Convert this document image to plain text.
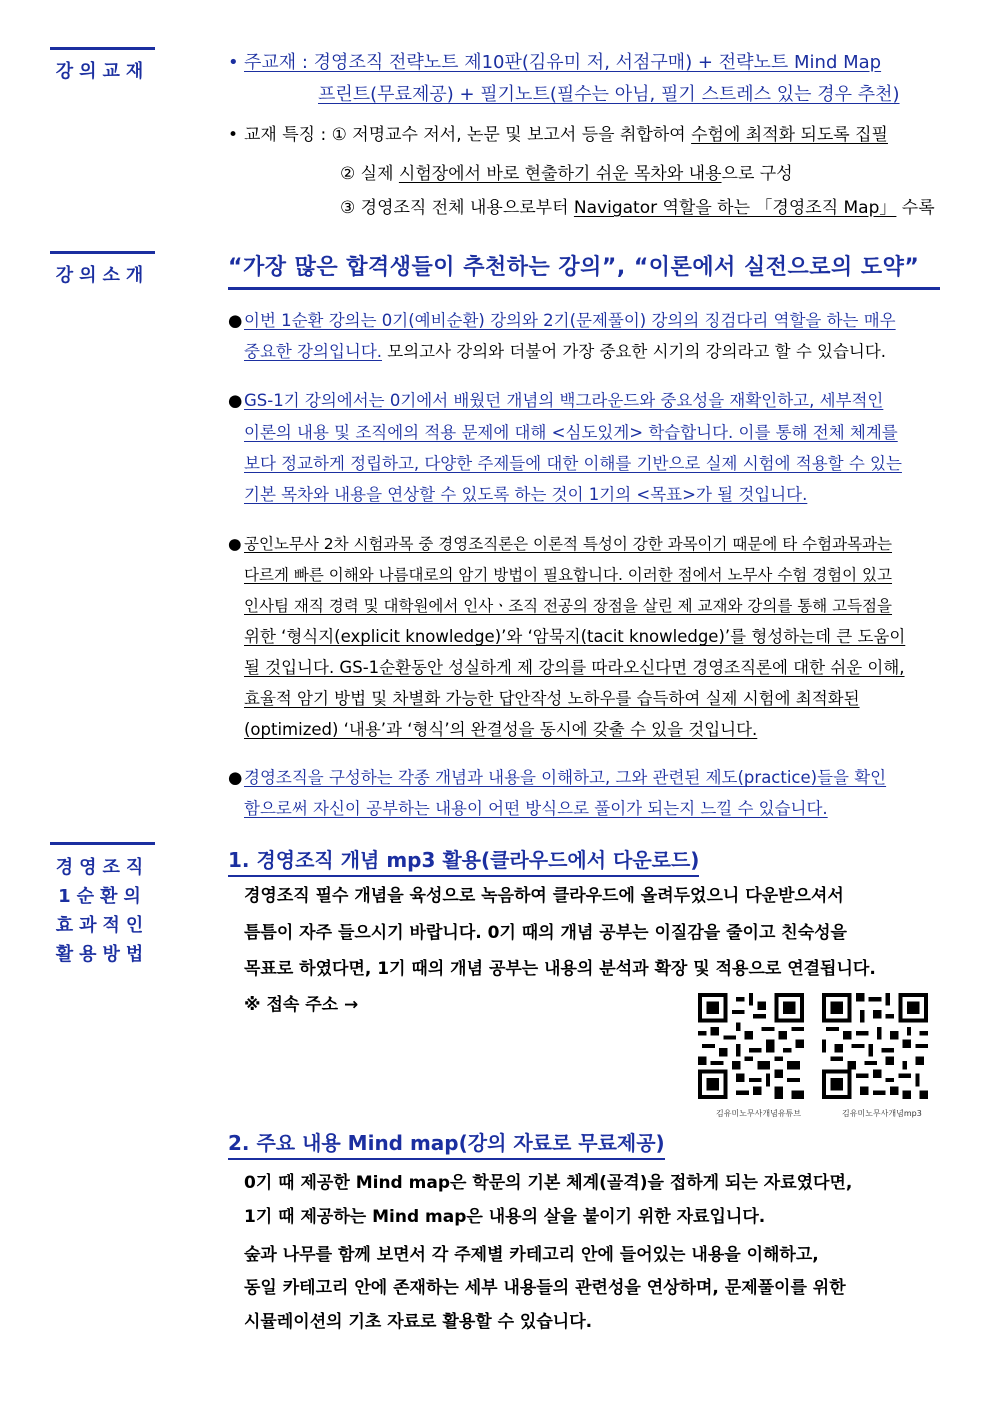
강의교재	• 주교재 : 경영조직 전략노트 제10판(김유미 저, 서점구매) + 전략노트 Mind Map
프린트(무료제공) + 필기노트(필수는 아님, 필기 스트레스 있는 경우 추천)
• 교재 특징 : ① 저명교수 저서, 논문 및 보고서 등을 취합하여 수험에 최적화 되도록 집필
② 실제 시험장에서 바로 현출하기 쉬운 목차와 내용으로 구성
③ 경영조직 전체 내용으로부터 Navigator 역할을 하는 「경영조직 Map」 수록
강의소개	“가장 많은 합격생들이 추천하는 강의”, “이론에서 실전으로의 도약”
●이번 1순환 강의는 0기(예비순환) 강의와 2기(문제풀이) 강의의 징검다리 역할을 하는 매우
중요한 강의입니다. 모의고사 강의와 더불어 가장 중요한 시기의 강의라고 할 수 있습니다.
●GS-1기 강의에서는 0기에서 배웠던 개념의 백그라운드와 중요성을 재확인하고, 세부적인
이론의 내용 및 조직에의 적용 문제에 대해 <심도있게> 학습합니다. 이를 통해 전체 체계를
보다 정교하게 정립하고, 다양한 주제들에 대한 이해를 기반으로 실제 시험에 적용할 수 있는
기본 목차와 내용을 연상할 수 있도록 하는 것이 1기의 <목표>가 될 것입니다.
● 공인노무사 2차 시험과목 중 경영조직론은 이론적 특성이 강한 과목이기 때문에 타 수험과목과는
다르게 빠른 이해와 나름대로의 암기 방법이 필요합니다. 이러한 점에서 노무사 수험 경험이 있고
인사팀 재직 경력 및 대학원에서 인사ㆍ조직 전공의 장점을 살린 제 교재와 강의를 통해 고득점을
위한 ‘형식지(explicit knowledge)’와 ‘암묵지(tacit knowledge)’를 형성하는데 큰 도움이
될 것입니다. GS-1순환동안 성실하게 제 강의를 따라오신다면 경영조직론에 대한 쉬운 이해,
효율적 암기 방법 및 차별화 가능한 답안작성 노하우를 습득하여 실제 시험에 최적화된
(optimized) ‘내용’과 ‘형식’의 완결성을 동시에 갖출 수 있을 것입니다.
●경영조직을 구성하는 각종 개념과 내용을 이해하고, 그와 관련된 제도(practice)들을 확인
함으로써 자신이 공부하는 내용이 어떤 방식으로 풀이가 되는지 느낄 수 있습니다.
경영조직
1순환의
효과적인
활용방법
1. 경영조직 개념 mp3 활용(클라우드에서 다운로드)
경영조직 필수 개념을 육성으로 녹음하여 클라우드에 올려두었으니 다운받으셔서
틈틈이 자주 들으시기 바랍니다. 0기 때의 개념 공부는 이질감을 줄이고 친숙성을
목표로 하였다면, 1기 때의 개념 공부는 내용의 분석과 확장 및 적용으로 연결됩니다.
※ 접속 주소 →
김유미노무사개념유튜브	김유미노무사개념mp3
2. 주요 내용 Mind map(강의 자료로 무료제공)
0기 때 제공한 Mind map은 학문의 기본 체계(골격)을 접하게 되는 자료였다면,
1기 때 제공하는 Mind map은 내용의 살을 붙이기 위한 자료입니다.
숲과 나무를 함께 보면서 각 주제별 카테고리 안에 들어있는 내용을 이해하고,
동일 카테고리 안에 존재하는 세부 내용들의 관련성을 연상하며, 문제풀이를 위한
시뮬레이션의 기초 자료로 활용할 수 있습니다.
